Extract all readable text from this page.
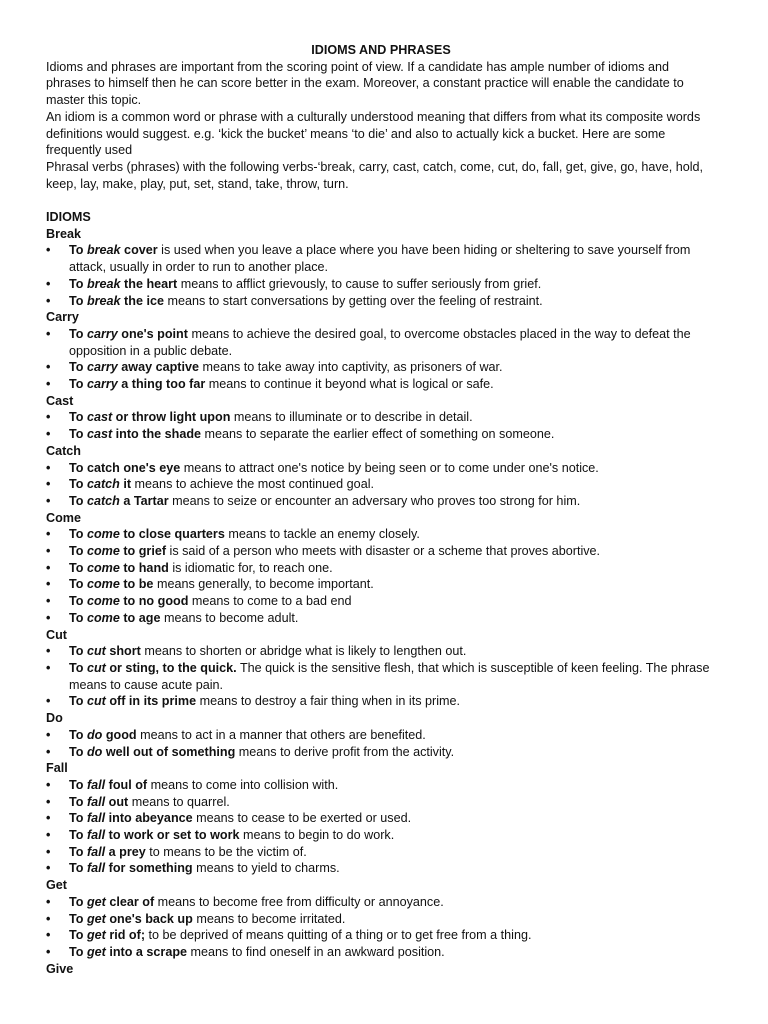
IDIOMS AND PHRASES

Idioms and phrases are important from the scoring point of view. If a candidate has ample number of idioms and phrases to himself then he can score better in the exam. Moreover, a constant practice will enable the candidate to master this topic.

An idiom is a common word or phrase with a culturally understood meaning that differs from what its composite words definitions would suggest. e.g. ‘kick the bucket’ means ‘to die’ and also to actually kick a bucket. Here are some frequently used

Phrasal verbs (phrases) with the following verbs-‘break, carry, cast, catch, come, cut, do, fall, get, give, go, have, hold, keep, lay, make, play, put, set, stand, take, throw, turn.

IDIOMS

Break

•	To break cover is used when you leave a place where you have been hiding or sheltering to save yourself from attack, usually in order to run to another place.
•	To break the heart means to afflict grievously, to cause to suffer seriously from grief.
•	To break the ice means to start conversations by getting over the feeling of restraint.

Carry

•	To carry one's point means to achieve the desired goal, to overcome obstacles placed in the way to defeat the opposition in a public debate.
•	To carry away captive means to take away into captivity, as prisoners of war.
•	To carry a thing too far means to continue it beyond what is logical or safe.

Cast

•	To cast or throw light upon means to illuminate or to describe in detail.
•	To cast into the shade means to separate the earlier effect of something on someone.

Catch

•	To catch one's eye means to attract one's notice by being seen or to come under one's notice.
•	To catch it means to achieve the most continued goal.
•	To catch a Tartar means to seize or encounter an adversary who proves too strong for him.

Come

•	To come to close quarters means to tackle an enemy closely.
•	To come to grief is said of a person who meets with disaster or a scheme that proves abortive.
•	To come to hand is idiomatic for, to reach one.
•	To come to be means generally, to become important.
•	To come to no good means to come to a bad end
•	To come to age means to become adult.

Cut

•	To cut short means to shorten or abridge what is likely to lengthen out.
•	To cut or sting, to the quick. The quick is the sensitive flesh, that which is susceptible of keen feeling. The phrase means to cause acute pain.
•	To cut off in its prime means to destroy a fair thing when in its prime.

Do

•	To do good means to act in a manner that others are benefited.
•	To do well out of something means to derive profit from the activity.

Fall

•	To fall foul of means to come into collision with.
•	To fall out means to quarrel.
•	To fall into abeyance means to cease to be exerted or used.
•	To fall to work or set to work means to begin to do work.
•	To fall a prey to means to be the victim of.
•	To fall for something means to yield to charms.

Get

•	To get clear of means to become free from difficulty or annoyance.
•	To get one's back up means to become irritated.
•	To get rid of; to be deprived of means quitting of a thing or to get free from a thing.
•	To get into a scrape means to find oneself in an awkward position.

Give
